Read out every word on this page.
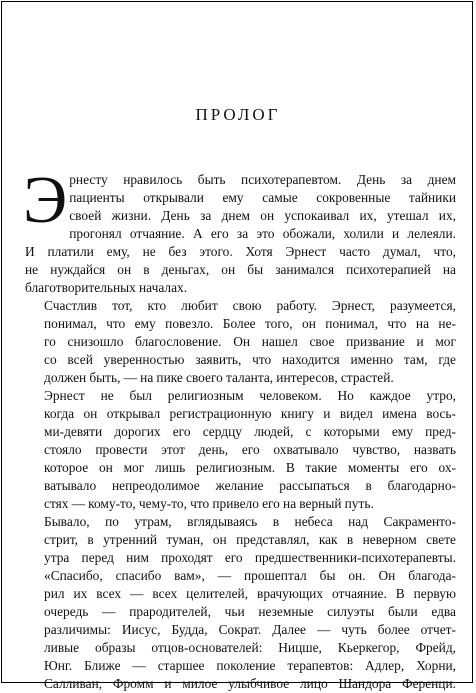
ПРОЛОГ

Э рнесту нравилось быть психотерапевтом. День за днем
пациенты открывали ему самые сокровенные тайники
своей жизни. День за днем он успокаивал их, утешал их,
прогонял отчаяние. А его за это обожали, холили и лелеяли.
И платили ему, не без этого. Хотя Эрнест часто думал, что,
не нуждайся он в деньгах, он бы занимался психотерапией на
благотворительных началах.

Счастлив тот, кто любит свою работу. Эрнест, разумеется,
понимал, что ему повезло. Более того, он понимал, что на не-
го снизошло благословение. Он нашел свое призвание и мог
со всей уверенностью заявить, что находится именно там, где
должен быть, — на пике своего таланта, интересов, страстей.

Эрнест не был религиозным человеком. Но каждое утро,
когда он открывал регистрационную книгу и видел имена вось-
ми-девяти дорогих его сердцу людей, с которыми ему пред-
стояло провести этот день, его охватывало чувство, назвать
которое он мог лишь религиозным. В такие моменты его ох-
ватывало непреодолимое желание рассыпаться в благодарно-
стях — кому-то, чему-то, что привело его на верный путь.

Бывало, по утрам, вглядываясь в небеса над Сакраменто-
стрит, в утренний туман, он представлял, как в неверном свете
утра перед ним проходят его предшественники-психотерапевты.

«Спасибо, спасибо вам», — прошептал бы он. Он благода-
рил их всех — всех целителей, врачующих отчаяние. В первую
очередь — прародителей, чьи неземные силуэты были едва
различимы: Иисус, Будда, Сократ. Далее — чуть более отчет-
ливые образы отцов-основателей: Ницше, Кьеркегор, Фрейд,
Юнг. Ближе — старшее поколение терапевтов: Адлер, Хорни,
Салливан, Фромм и милое улыбчивое лицо Шандора Ференци.
